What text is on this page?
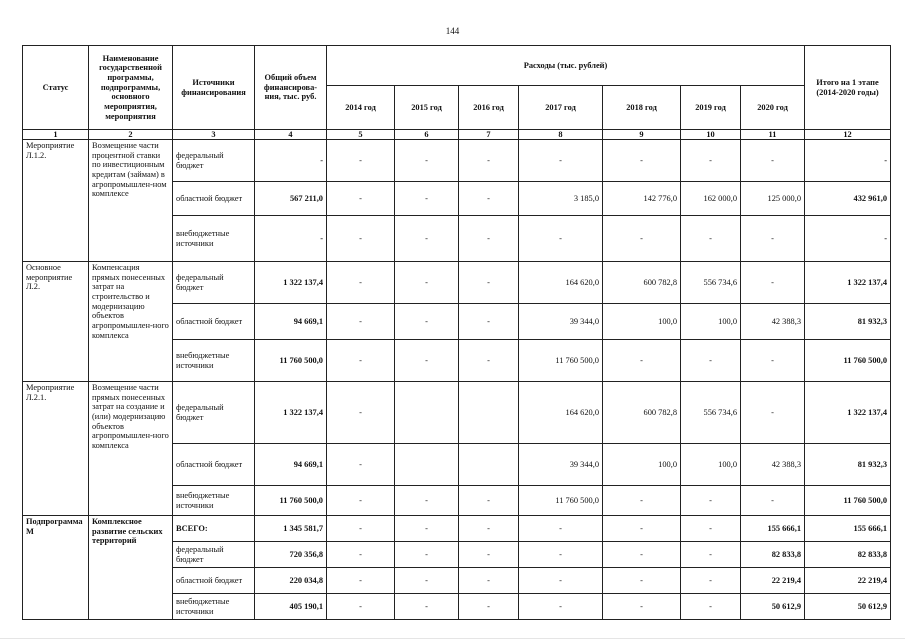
144
Статус	Наименование государственной программы, подпрограммы, основного мероприятия, мероприятия	Источники финансирования	Общий объем финансирова-ния, тыс. руб.	Расходы (тыс. рублей)							Итого на 1 этапе (2014-2020 годы)
				2014 год	2015 год	2016 год	2017 год	2018 год	2019 год	2020 год	
1	2	3	4	5	6	7	8	9	10	11	12
Мероприятие Л.1.2.	Возмещение части процентной ставки по инвестиционным кредитам (займам) в агропромышлен-ном комплексе	федеральный бюджет	-	-	-	-	-	-	-	-	-
		областной бюджет	567 211,0	-	-	-	3 185,0	142 776,0	162 000,0	125 000,0	432 961,0
		внебюджетные источники	-	-	-	-	-	-	-	-	-
Основное мероприятие Л.2.	Компенсация прямых понесенных затрат на строительство и модернизацию объектов агропромышлен-ного комплекса	федеральный бюджет	1 322 137,4	-	-	-	164 620,0	600 782,8	556 734,6	-	1 322 137,4
		областной бюджет	94 669,1	-	-	-	39 344,0	100,0	100,0	42 388,3	81 932,3
		внебюджетные источники	11 760 500,0	-	-	-	11 760 500,0	-	-	-	11 760 500,0
Мероприятие Л.2.1.	Возмещение части прямых понесенных затрат на создание и (или) модернизацию объектов агропромышлен-ного комплекса	федеральный бюджет	1 322 137,4	-			164 620,0	600 782,8	556 734,6	-	1 322 137,4
		областной бюджет	94 669,1	-			39 344,0	100,0	100,0	42 388,3	81 932,3
		внебюджетные источники	11 760 500,0	-	-	-	11 760 500,0	-	-	-	11 760 500,0
Подпрограмма М	Комплексное развитие сельских территорий	ВСЕГО:	1 345 581,7	-	-	-	-	-	-	155 666,1	155 666,1
		федеральный бюджет	720 356,8	-	-	-	-	-	-	82 833,8	82 833,8
		областной бюджет	220 034,8	-	-	-	-	-	-	22 219,4	22 219,4
		внебюджетные источники	405 190,1	-	-	-	-	-	-	50 612,9	50 612,9
